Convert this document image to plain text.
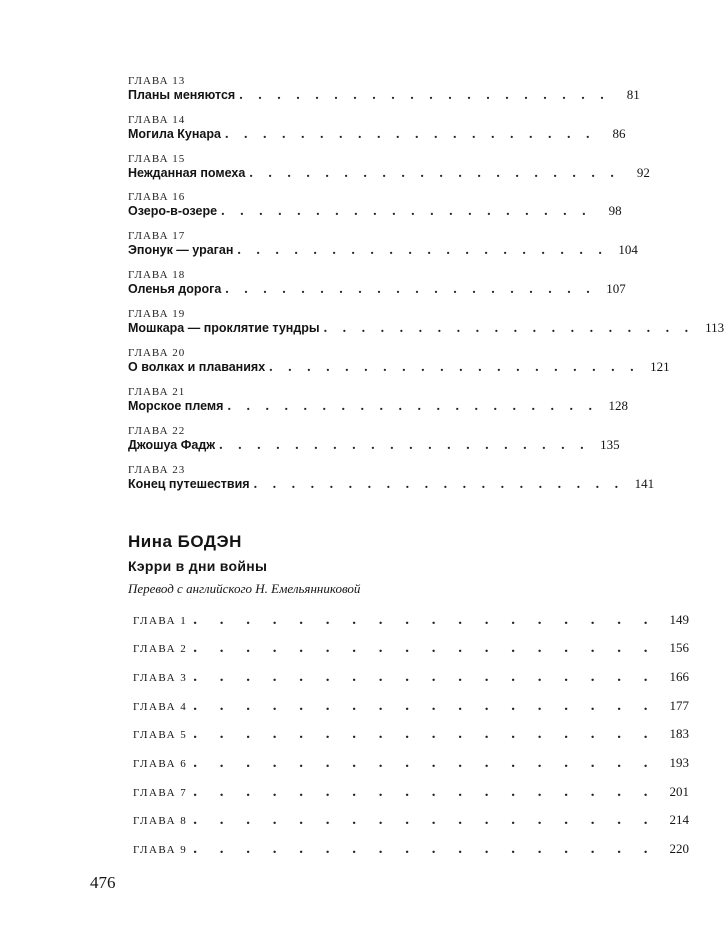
ГЛАВА 13
Планы меняются . . . . . . . . . . . . . . . . . . . .	81
ГЛАВА 14
Могила Кунара . . . . . . . . . . . . . . . . . . . .	86
ГЛАВА 15
Нежданная помеха . . . . . . . . . . . . . . . . . . . .	92
ГЛАВА 16
Озеро-в-озере . . . . . . . . . . . . . . . . . . . .	98
ГЛАВА 17
Эпонук — ураган . . . . . . . . . . . . . . . . . . . . 104
ГЛАВА 18
Оленья дорога . . . . . . . . . . . . . . . . . . . . 107
ГЛАВА 19
Мошкара — проклятие тундры . . . . . . . . . . . . . . . . . . . . 113
ГЛАВА 20
О волках и плаваниях . . . . . . . . . . . . . . . . . . . . 121
ГЛАВА 21
Морское племя . . . . . . . . . . . . . . . . . . . . 128
ГЛАВА 22
Джошуа Фадж . . . . . . . . . . . . . . . . . . . . 135
ГЛАВА 23
Конец путешествия . . . . . . . . . . . . . . . . . . . . 141
Нина БОДЭН
Кэрри в дни войны
Перевод с английского Н. Емельянниковой
ГЛАВА 1 . . . . . . . . . . . . . . . . . . 149
ГЛАВА 2 . . . . . . . . . . . . . . . . . . 156
ГЛАВА 3 . . . . . . . . . . . . . . . . . . 166
ГЛАВА 4 . . . . . . . . . . . . . . . . . . 177
ГЛАВА 5 . . . . . . . . . . . . . . . . . . 183
ГЛАВА 6 . . . . . . . . . . . . . . . . . . 193
ГЛАВА 7 . . . . . . . . . . . . . . . . . . 201
ГЛАВА 8 . . . . . . . . . . . . . . . . . . 214
ГЛАВА 9 . . . . . . . . . . . . . . . . . . 220
476
